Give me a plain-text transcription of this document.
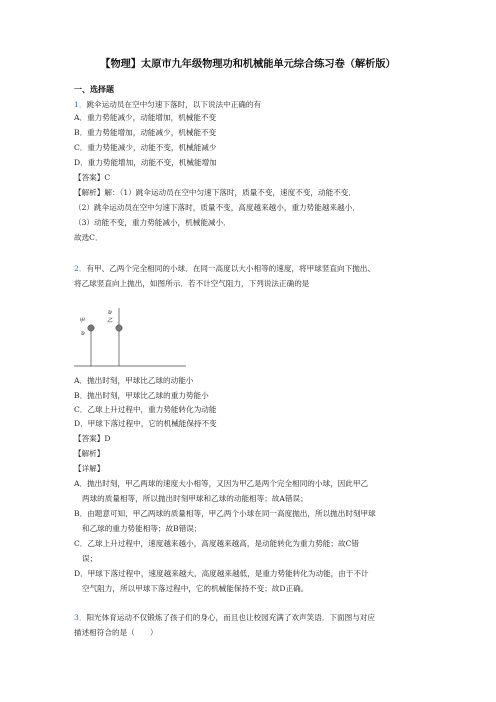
【物理】太原市九年级物理功和机械能单元综合练习卷（解析版）
一、选择题
1．跳伞运动员在空中匀速下落时，以下说法中正确的有
A．重力势能减少，动能增加，机械能不变
B．重力势能增加，动能减少，机械能不变
C．重力势能减少，动能不变，机械能减少
D．重力势能增加，动能不变，机械能增加
【答案】C
【解析】解：（1）跳伞运动员在空中匀速下落时，质量不变，速度不变，动能不变．
（2）跳伞运动员在空中匀速下落时，质量不变，高度越来越小，重力势能越来越小．
（3）动能不变，重力势能减小，机械能减小．
故选C．
2．有甲、乙两个完全相同的小球．在同一高度以大小相等的速度，将甲球竖直向下抛出、
将乙球竖直向上抛出，如图所示．若不计空气阻力，下列说法正确的是
甲
υ
乙
υ
A．抛出时刻，甲球比乙球的动能小
B．抛出时刻，甲球比乙球的重力势能小
C．乙球上升过程中，重力势能转化为动能
D．甲球下落过程中，它的机械能保持不变
【答案】D
【解析】
【详解】
A．抛出时刻，甲乙两球的速度大小相等，又因为甲乙是两个完全相同的小球，因此甲乙
两球的质量相等，所以抛出时刻甲球和乙球的动能相等；故A错误；
B．由题意可知，甲乙两球的质量相等，甲乙两个小球在同一高度抛出，所以抛出时刻甲球
和乙球的重力势能相等；故B错误；
C．乙球上升过程中，速度越来越小，高度越来越高，是动能转化为重力势能；故C错
误；
D．甲球下落过程中，速度越来越大，高度越来越低，是重力势能转化为动能，由于不计
空气阻力，所以甲球下落过程中，它的机械能保持不变；故D正确。
3．阳光体育运动不仅锻炼了孩子们的身心，而且也让校园充满了欢声笑语．下面图与对应
描述相符合的是（　　）
